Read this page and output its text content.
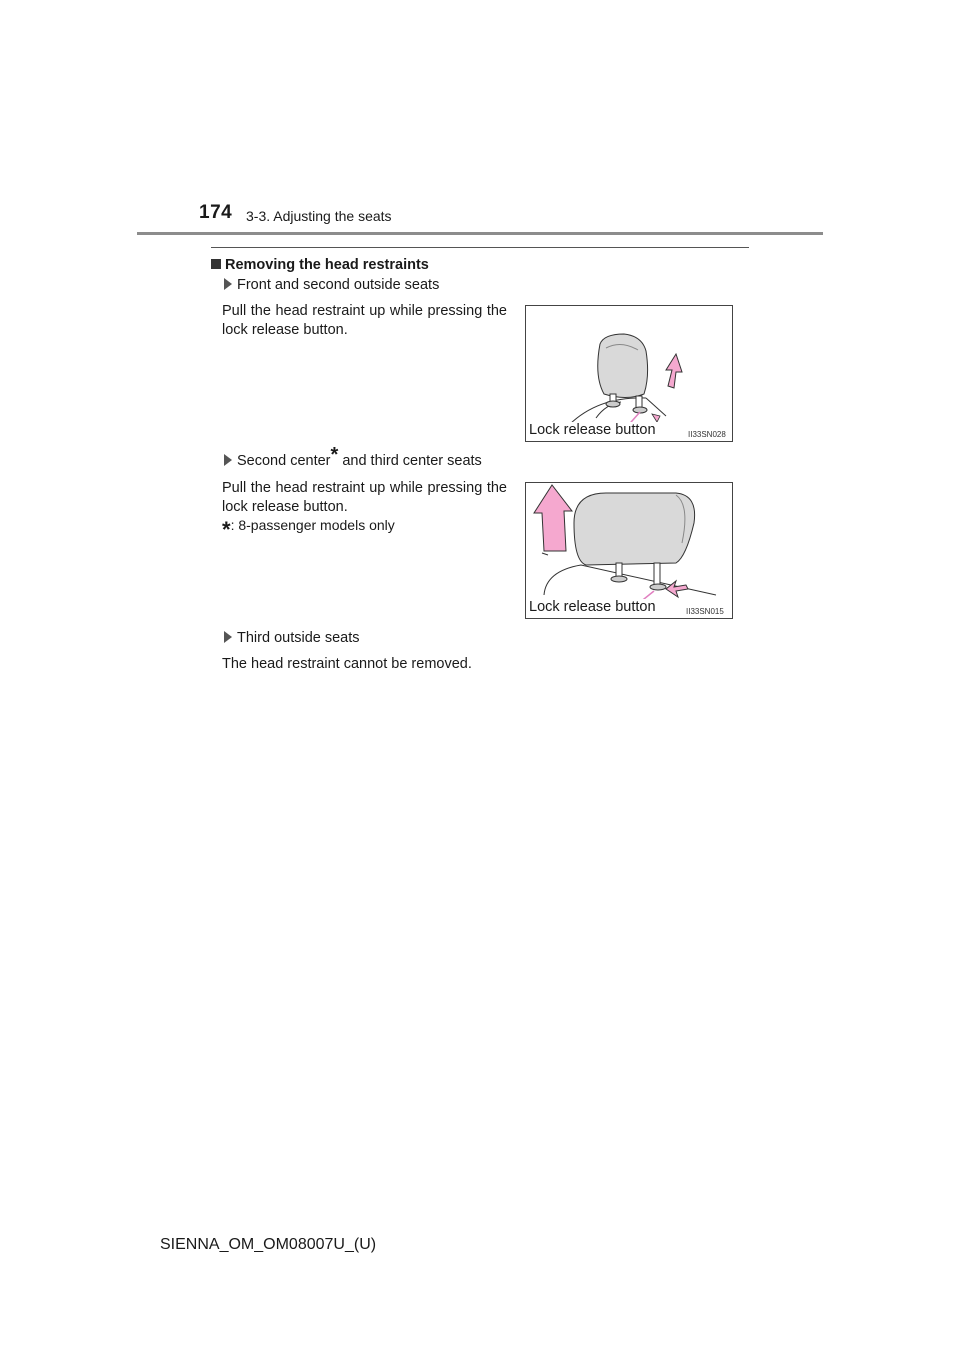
174 3-3. Adjusting the seats
Removing the head restraints
Front and second outside seats
Pull the head restraint up while pressing the lock release button.
Lock release button	II33SN028
Second center* and third center seats
Pull the head restraint up while pressing the lock release button.
*: 8-passenger models only
Lock release button	II33SN015
Third outside seats
The head restraint cannot be removed.
SIENNA_OM_OM08007U_(U)
